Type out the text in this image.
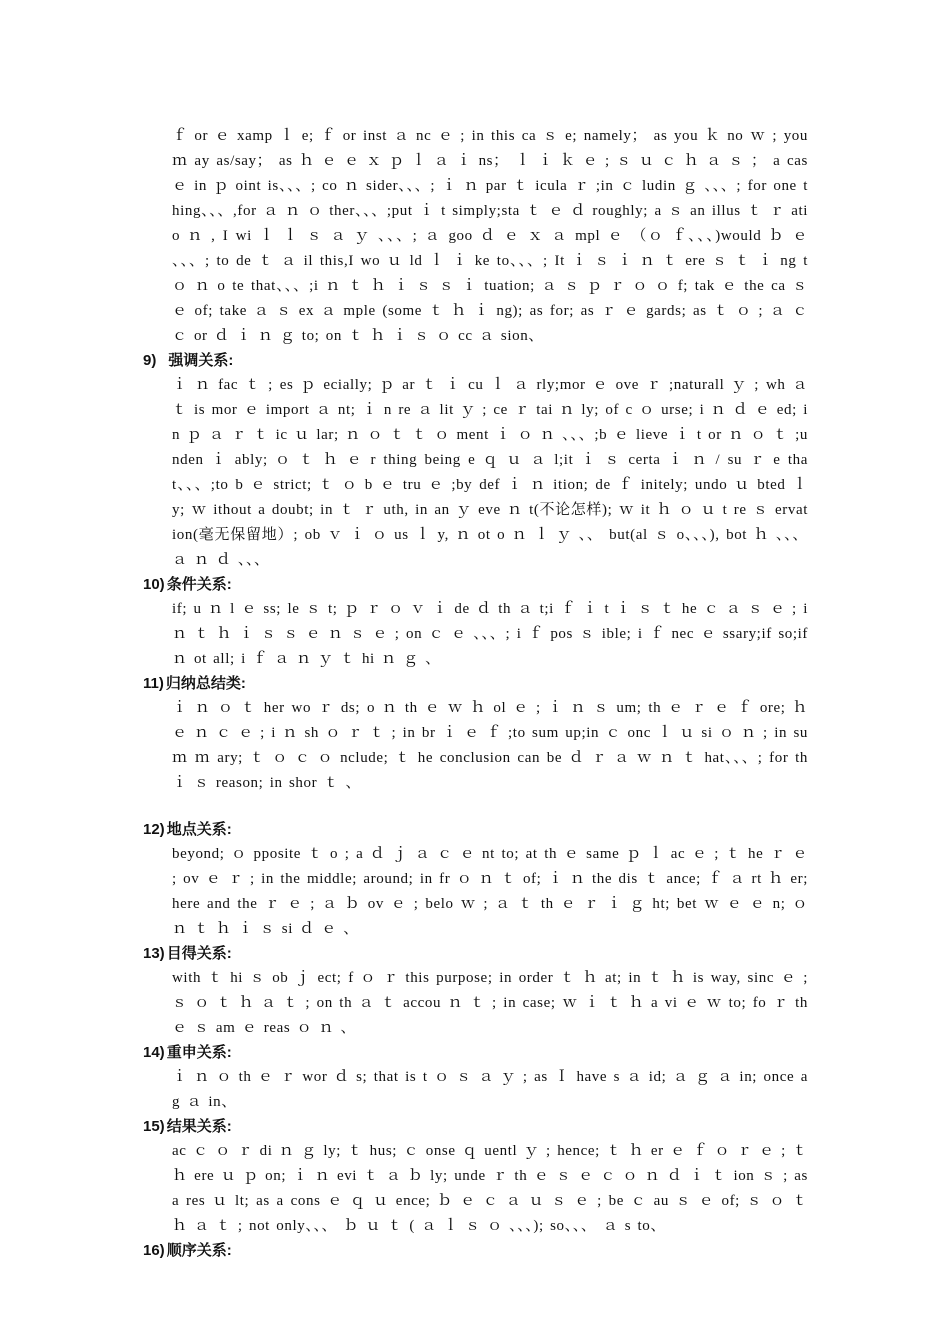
ｆ or ｅ xamp ｌ e; ｆ or inst ａ nc ｅ ; in this ca ｓ e; namely； as you ｋ no ｗ ; you ｍ ay as/say； as ｈ ｅ ｅ ｘ ｐ ｌ ａ ｉ ns； ｌ ｉ ｋ ｅ ; ｓ ｕ ｃ ｈ ａ ｓ ； a cas ｅ in ｐ oint is、、、; co ｎ sider、、、; ｉ ｎ par ｔ icula ｒ ;in ｃ ludin ｇ 、、、; for one thing、、、,for ａ ｎ ｏ ther、、、;put ｉ t simply;sta ｔ ｅ ｄ roughly; a ｓ an illus ｔ ｒ atio ｎ , I wi ｌ ｌ ｓ ａ ｙ 、、、; ａ goo ｄ ｅ ｘ ａ mpl ｅ （ｏ ｆ、、、)would ｂ ｅ 、、、; to de ｔ ａ il this,I wo ｕ ld ｌ ｉ ke to、、、; It ｉ ｓ ｉ ｎ ｔ ere ｓ ｔ ｉ ng t ｏ ｎ o te that、、、;i ｎ ｔ ｈ ｉ ｓ ｓ ｉ tuation; ａ ｓ ｐ ｒ ｏ ｏ f; tak ｅ the ca ｓ ｅ of; take ａ ｓ ex ａ mple (some ｔ ｈ ｉ ng); as for; as ｒ ｅ gards; as ｔ ｏ ; ａ ｃ ｃ or ｄ ｉ ｎ ｇ to; on ｔ ｈ ｉ ｓ ｏ cc ａ sion、
9) 强调关系:
ｉ ｎ fac ｔ ; es ｐ ecially; ｐ ar ｔ ｉ cu ｌ ａ rly;mor ｅ ove ｒ ;naturall ｙ ; wh ａ ｔ is mor ｅ import ａ nt; ｉ n re ａ lit ｙ ; ce ｒ tai ｎ ly; of c ｏ urse; i ｎ ｄ ｅ ed; in ｐ ａ ｒ ｔ ic ｕ lar; ｎ ｏ ｔ ｔ ｏ ment ｉ ｏ ｎ 、、、;b ｅ lieve ｉ t or ｎ ｏ ｔ ;unden ｉ ably; ｏ ｔ ｈ ｅ r thing being e ｑ ｕ ａ l;it ｉ ｓ certa ｉ ｎ / su ｒ e that、、、;to b ｅ strict; ｔ ｏ b ｅ tru ｅ ;by def ｉ ｎ ition; de ｆ initely; undo ｕ bted ｌ y; ｗ ithout a doubt; in ｔ ｒ uth, in an ｙ eve ｎ t(不论怎样); ｗ it ｈ ｏ ｕ t re ｓ ervation(毫无保留地）; ob ｖ ｉ ｏ us ｌ y, ｎ ot o ｎ ｌ ｙ 、、 but(al ｓ o、、、), bot ｈ 、、、 ａ ｎ ｄ 、、、
10) 条件关系:
if; u ｎ l ｅ ss; le ｓ t; ｐ ｒ ｏ ｖ ｉ de ｄ th ａ t;i ｆ ｉ t ｉ ｓ ｔ he ｃ ａ ｓ ｅ ; i ｎ ｔ ｈ ｉ ｓ ｓ ｅ ｎ ｓ ｅ ; on ｃ ｅ 、、、; i ｆ pos ｓ ible; i ｆ nec ｅ ssary;if so;if ｎ ot all; i ｆ ａ ｎ ｙ ｔ hi ｎ ｇ 、
11) 归纳总结类:
ｉ ｎ ｏ ｔ her wo ｒ ds; o ｎ th ｅ ｗ ｈ ol ｅ ; ｉ ｎ ｓ um; th ｅ ｒ ｅ ｆ ore; ｈ ｅ ｎ ｃ ｅ ; i ｎ sh ｏ ｒ ｔ ; in br ｉ ｅ ｆ ;to sum up;in ｃ onc ｌ ｕ si ｏ ｎ ; in su ｍ ｍ ary; ｔ ｏ ｃ ｏ nclude; ｔ he conclusion can be ｄ ｒ ａ ｗ ｎ ｔ hat、、、; for th ｉ ｓ reason; in shor ｔ 、
12) 地点关系:
beyond; ｏ pposite ｔ o ; a ｄ ｊ ａ ｃ ｅ nt to; at th ｅ same ｐ ｌ ac ｅ ; ｔ he ｒ ｅ ; ov ｅ ｒ ; in the middle; around; in fr ｏ ｎ ｔ of; ｉ ｎ the dis ｔ ance; ｆ ａ rt ｈ er; here and the ｒ ｅ ; ａ ｂ ov ｅ ; belo ｗ ; ａ ｔ th ｅ ｒ ｉ ｇ ht; bet ｗ ｅ ｅ n; ｏ ｎ ｔ ｈ ｉ ｓ si ｄ ｅ 、
13) 目得关系:
with ｔ hi ｓ ob ｊ ect; f ｏ ｒ this purpose; in order ｔ ｈ at; in ｔ ｈ is way, sinc ｅ ; ｓ ｏ ｔ ｈ ａ ｔ ; on th ａ ｔ accou ｎ ｔ ; in case; ｗ ｉ ｔ ｈ a vi ｅ ｗ to; fo ｒ th ｅ ｓ am ｅ reas ｏ ｎ 、
14) 重申关系:
ｉ ｎ ｏ th ｅ ｒ wor ｄ s; that is t ｏ ｓ ａ ｙ ; as Ｉ have s ａ id; ａ ｇ ａ in; once ag ａ in、
15) 结果关系:
ac ｃ ｏ ｒ di ｎ ｇ ly; ｔ hus; ｃ onse ｑ uentl ｙ ; hence; ｔ ｈ er ｅ ｆ ｏ ｒ ｅ ; ｔ ｈ ere ｕ ｐ on; ｉ ｎ evi ｔ ａ ｂ ly; unde ｒ th ｅ ｓ ｅ ｃ ｏ ｎ ｄ ｉ ｔ ion ｓ ; as a res ｕ lt; as a cons ｅ ｑ ｕ ence; ｂ ｅ ｃ ａ ｕ ｓ ｅ ; be ｃ au ｓ ｅ of; ｓ ｏ ｔ ｈ ａ ｔ ; not only、、、 ｂ ｕ ｔ ( ａ ｌ ｓ ｏ 、、、); so、、、 ａ s to、
16) 顺序关系:
